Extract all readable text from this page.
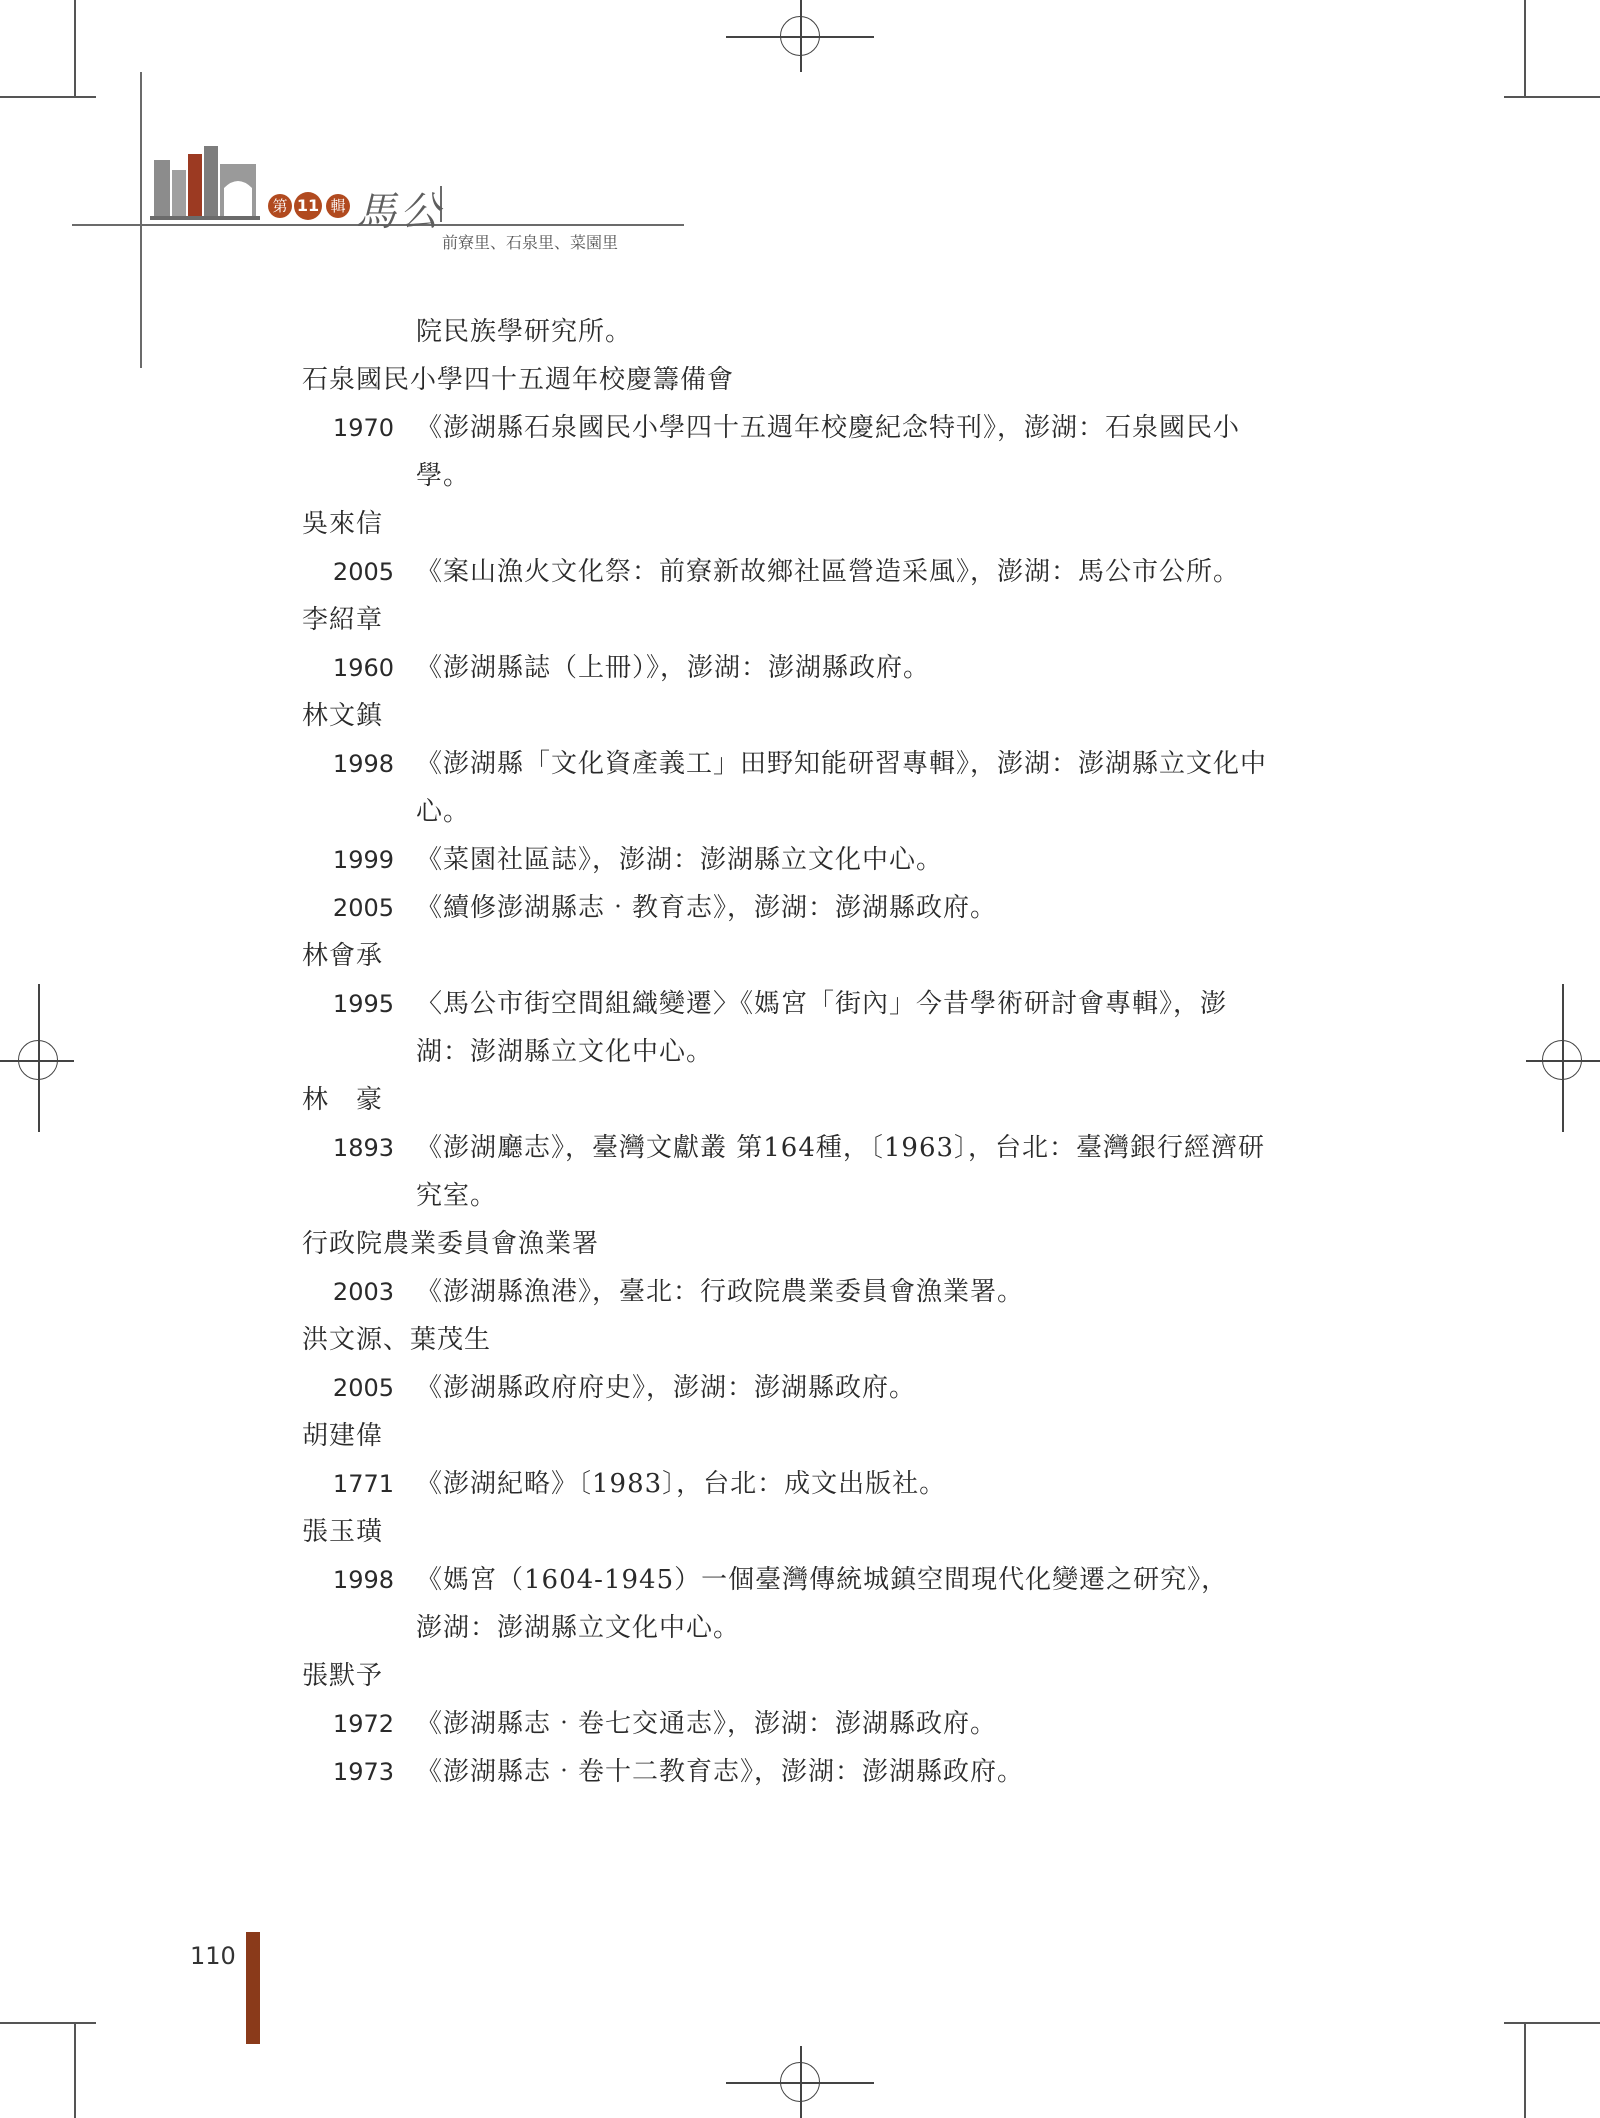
第 11 輯 馬公
前寮里、石泉里、菜園里
院民族學研究所。
石泉國民小學四十五週年校慶籌備會
1970 《澎湖縣石泉國民小學四十五週年校慶紀念特刊》，澎湖：石泉國民小
學。
吳來信
2005 《案山漁火文化祭：前寮新故鄉社區營造采風》，澎湖：馬公市公所。
李紹章
1960 《澎湖縣誌（上冊）》，澎湖：澎湖縣政府。
林文鎮
1998 《澎湖縣「文化資產義工」田野知能研習專輯》，澎湖：澎湖縣立文化中
心。
1999 《菜園社區誌》，澎湖：澎湖縣立文化中心。
2005 《續修澎湖縣志‧教育志》，澎湖：澎湖縣政府。
林會承
1995 〈馬公市街空間組織變遷〉《媽宮「街內」今昔學術研討會專輯》，澎
湖：澎湖縣立文化中心。
林　豪
1893 《澎湖廳志》，臺灣文獻叢 第164種，〔1963〕，台北：臺灣銀行經濟研
究室。
行政院農業委員會漁業署
2003 《澎湖縣漁港》，臺北：行政院農業委員會漁業署。
洪文源、葉茂生
2005 《澎湖縣政府府史》，澎湖：澎湖縣政府。
胡建偉
1771 《澎湖紀略》〔1983〕，台北：成文出版社。
張玉璜
1998 《媽宮（1604-1945）一個臺灣傳統城鎮空間現代化變遷之研究》，
澎湖：澎湖縣立文化中心。
張默予
1972 《澎湖縣志‧卷七交通志》，澎湖：澎湖縣政府。
1973 《澎湖縣志‧卷十二教育志》，澎湖：澎湖縣政府。
110
